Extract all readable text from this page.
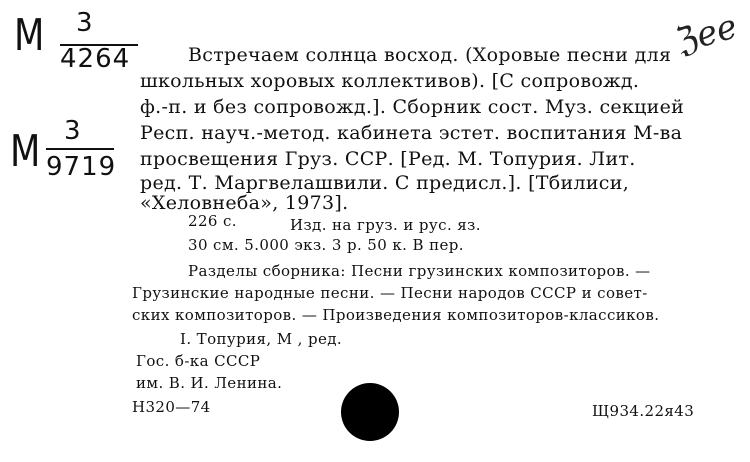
М 3
4264
М 3
9719
ℨℯℯ
Встречаем солнца восход. (Хоровые песни для
школьных хоровых коллективов). [С сопровожд.
ф.-п. и без сопровожд.]. Сборник сост. Муз. секцией
Респ. науч.-метод. кабинета эстет. воспитания М-ва
просвещения Груз. ССР. [Ред. М. Топурия. Лит.
ред. Т. Маргвелашвили. С предисл.]. [Тбилиси,
«Хеловнеба», 1973].
226 с.	Изд. на груз. и рус. яз.
30 см. 5.000 экз. 3 р. 50 к. В пер.
Разделы сборника: Песни грузинских композиторов. —
Грузинские народные песни. — Песни народов СССР и совет-
ских композиторов. — Произведения композиторов-классиков.
I. Топурия, М , ред.
Гос. б-ка СССР
им. В. И. Ленина.
Н320—74	Щ934.22я43
